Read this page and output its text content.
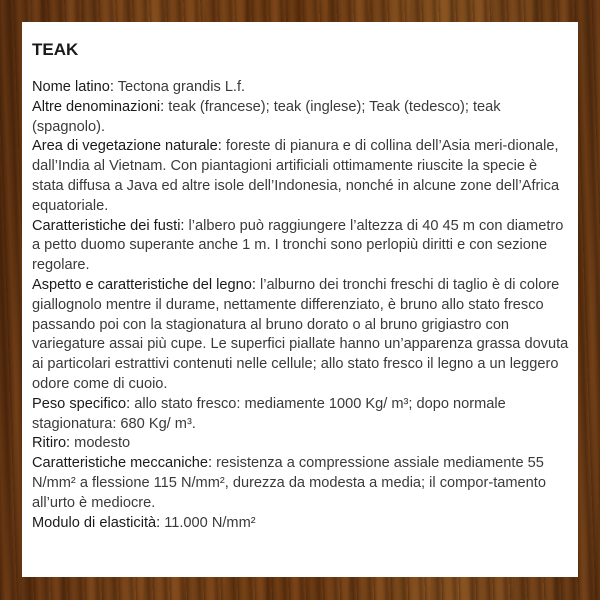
TEAK

Nome latino: Tectona grandis L.f.

Altre denominazioni: teak (francese); teak (inglese); Teak (tedesco); teak (spagnolo).

Area di vegetazione naturale: foreste di pianura e di collina dell’Asia meri-dionale, dall’India al Vietnam. Con piantagioni artificiali ottimamente riuscite la specie è stata diffusa a Java ed altre isole dell’Indonesia, nonché in alcune zone dell’Africa equatoriale.

Caratteristiche dei fusti: l’albero può raggiungere l’altezza di 40 45 m con diametro a petto duomo superante anche 1 m. I tronchi sono perlopiù diritti e con sezione regolare.

Aspetto e caratteristiche del legno: l’alburno dei tronchi freschi di taglio è di colore giallognolo mentre il durame, nettamente differenziato, è bruno allo stato fresco passando poi con la stagionatura al bruno dorato o al bruno grigiastro con variegature assai più cupe. Le superfici piallate hanno un’apparenza grassa dovuta ai particolari estrattivi contenuti nelle cellule; allo stato fresco il legno a un leggero odore come di cuoio.

Peso specifico: allo stato fresco: mediamente 1000 Kg/ m³; dopo normale stagionatura: 680 Kg/ m³.

Ritiro: modesto

Caratteristiche meccaniche: resistenza a compressione assiale mediamente 55 N/mm² a flessione 115 N/mm², durezza da modesta a media; il compor-tamento all’urto è mediocre.

Modulo di elasticità: 11.000 N/mm²
